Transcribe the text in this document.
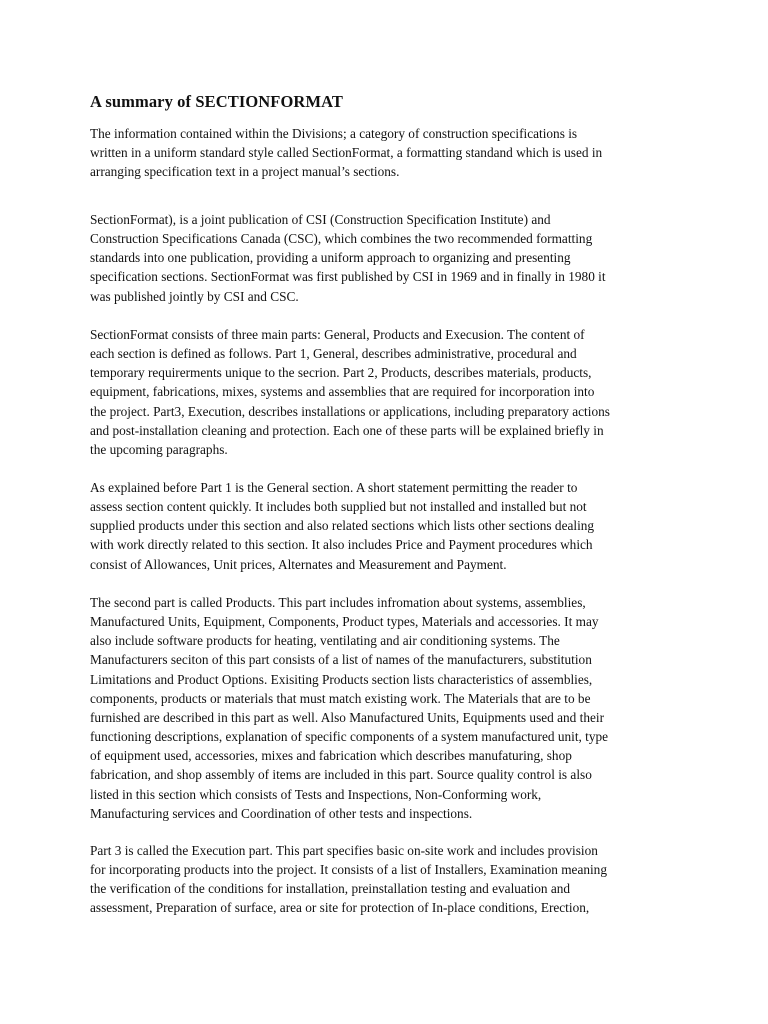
A summary of SECTIONFORMAT

The information contained within the Divisions; a category of construction specifications is
written in a uniform standard style called SectionFormat, a formatting standand which is used in
arranging specification text in a project manual’s sections.

SectionFormat), is a joint publication of CSI (Construction Specification Institute) and
Construction Specifications Canada (CSC), which combines the two recommended formatting
standards into one publication, providing a uniform approach to organizing and presenting
specification sections. SectionFormat was first published by CSI in 1969 and in finally in 1980 it
was published jointly by CSI and CSC.

SectionFormat consists of three main parts: General, Products and Execusion. The content of
each section is defined as follows. Part 1, General, describes administrative, procedural and
temporary requirerments unique to the secrion. Part 2, Products, describes materials, products,
equipment, fabrications, mixes, systems and assemblies that are required for incorporation into
the project. Part3, Execution, describes installations or applications, including preparatory actions
and post-installation cleaning and protection. Each one of these parts will be explained briefly in
the upcoming paragraphs.

As explained before Part 1 is the General section. A short statement permitting the reader to
assess section content quickly. It includes both supplied but not installed and installed but not
supplied products under this section and also related sections which lists other sections dealing
with work directly related to this section. It also includes Price and Payment procedures which
consist of Allowances, Unit prices, Alternates and Measurement and Payment.

The second part is called Products. This part includes infromation about systems, assemblies,
Manufactured Units, Equipment, Components, Product types, Materials and accessories. It may
also include software products for heating, ventilating and air conditioning systems. The
Manufacturers seciton of this part consists of a list of names of the manufacturers, substitution
Limitations and Product Options. Exisiting Products section lists characteristics of assemblies,
components, products or materials that must match existing work. The Materials that are to be
furnished are described in this part as well. Also Manufactured Units, Equipments used and their
functioning descriptions, explanation of specific components of a system manufactured unit, type
of equipment used, accessories, mixes and fabrication which describes manufaturing, shop
fabrication, and shop assembly of items are included in this part. Source quality control is also
listed in this section which consists of Tests and Inspections, Non-Conforming work,
Manufacturing services and Coordination of other tests and inspections.

Part 3 is called the Execution part. This part specifies basic on-site work and includes provision
for incorporating products into the project. It consists of a list of Installers, Examination meaning
the verification of the conditions for installation, preinstallation testing and evaluation and
assessment, Preparation of surface, area or site for protection of In-place conditions, Erection,
